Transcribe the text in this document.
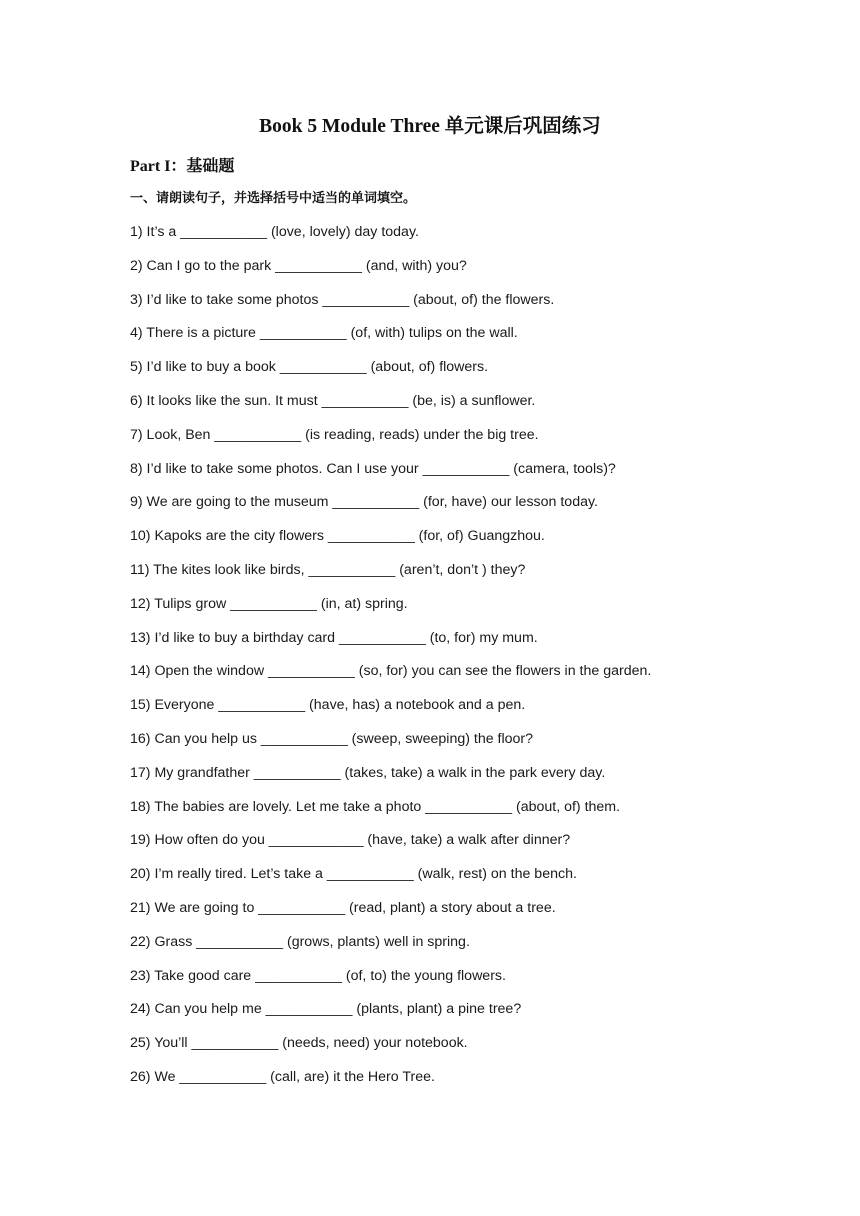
Book 5 Module Three 单元课后巩固练习
Part I：基础题
一、请朗读句子，并选择括号中适当的单词填空。
1) It’s a ___________ (love, lovely) day today.
2) Can I go to the park ___________ (and, with) you?
3) I’d like to take some photos ___________ (about, of) the flowers.
4) There is a picture ___________ (of, with) tulips on the wall.
5) I’d like to buy a book ___________ (about, of) flowers.
6) It looks like the sun. It must ___________ (be, is) a sunflower.
7) Look, Ben ___________ (is reading, reads) under the big tree.
8) I’d like to take some photos. Can I use your ___________ (camera, tools)?
9) We are going to the museum ___________ (for, have) our lesson today.
10) Kapoks are the city flowers ___________ (for, of) Guangzhou.
11) The kites look like birds, ___________ (aren’t, don’t ) they?
12) Tulips grow ___________ (in, at) spring.
13) I’d like to buy a birthday card ___________ (to, for) my mum.
14) Open the window ___________ (so, for) you can see the flowers in the garden.
15) Everyone ___________ (have, has) a notebook and a pen.
16) Can you help us ___________ (sweep, sweeping) the floor?
17) My grandfather ___________ (takes, take) a walk in the park every day.
18) The babies are lovely. Let me take a photo ___________ (about, of) them.
19) How often do you ____________ (have, take) a walk after dinner?
20) I’m really tired. Let’s take a ___________ (walk, rest) on the bench.
21) We are going to ___________ (read, plant) a story about a tree.
22) Grass ___________ (grows, plants) well in spring.
23) Take good care ___________ (of, to) the young flowers.
24) Can you help me ___________ (plants, plant) a pine tree?
25) You’ll ___________ (needs, need) your notebook.
26) We ___________ (call, are) it the Hero Tree.
